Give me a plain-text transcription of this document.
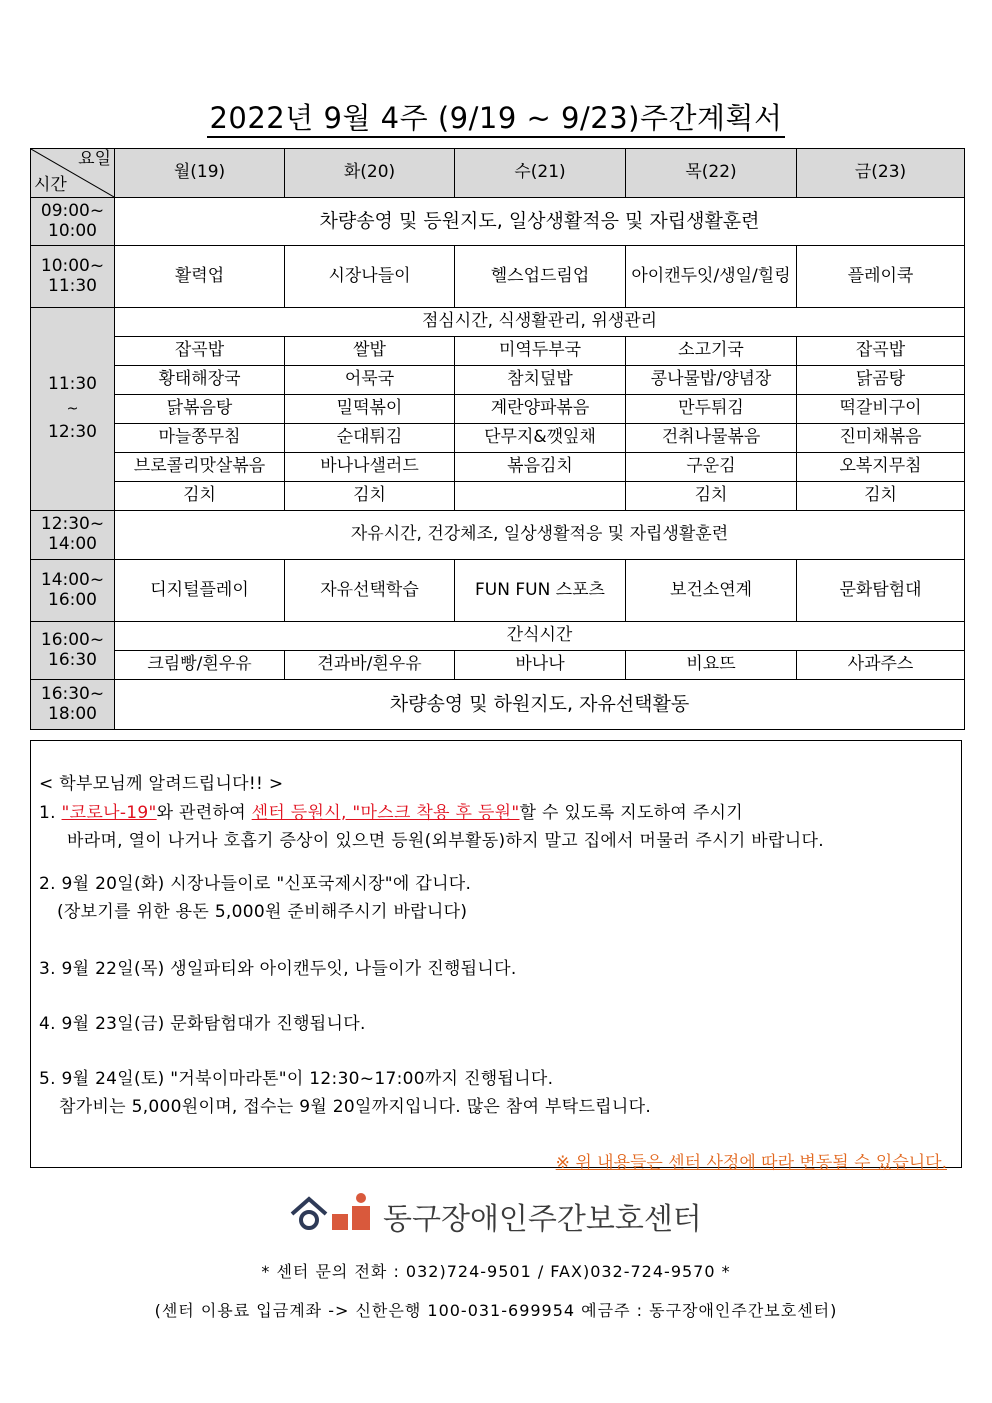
2022년 9월 4주 (9/19 ~ 9/23)주간계획서
요일
시간	월(19)	화(20)	수(21)	목(22)	금(23)

09:00~
10:00	차량송영 및 등원지도, 일상생활적응 및 자립생활훈련				

10:00~
11:30	활력업	시장나들이	헬스업드림업	아이캔두잇/생일/힐링	플레이쿡

11:30
~
12:30	점심시간, 식생활관리, 위생관리				
	잡곡밥	쌀밥	미역두부국	소고기국	잡곡밥
	황태해장국	어묵국	참치덮밥	콩나물밥/양념장	닭곰탕
	닭볶음탕	밀떡볶이	계란양파볶음	만두튀김	떡갈비구이
	마늘쫑무침	순대튀김	단무지&깻잎채	건취나물볶음	진미채볶음
	브로콜리맛살볶음	바나나샐러드	볶음김치	구운김	오복지무침
	김치	김치		김치	김치

12:30~
14:00	자유시간, 건강체조, 일상생활적응 및 자립생활훈련				

14:00~
16:00	디지털플레이	자유선택학습	FUN FUN 스포츠	보건소연계	문화탐험대

16:00~
16:30	간식시간				
	크림빵/흰우유	견과바/흰우유	바나나	비요뜨	사과주스

16:30~
18:00	차량송영 및 하원지도, 자유선택활동				
< 학부모님께 알려드립니다!! >
1. "코로나-19"와 관련하여 센터 등원시, "마스크 착용 후 등원"할 수 있도록 지도하여 주시기
바라며, 열이 나거나 호흡기 증상이 있으면 등원(외부활동)하지 말고 집에서 머물러 주시기 바랍니다.
2. 9월 20일(화) 시장나들이로 "신포국제시장"에 갑니다.
(장보기를 위한 용돈 5,000원 준비해주시기 바랍니다)
3. 9월 22일(목) 생일파티와 아이캔두잇, 나들이가 진행됩니다.
4. 9월 23일(금) 문화탐험대가 진행됩니다.
5. 9월 24일(토) "거북이마라톤"이 12:30~17:00까지 진행됩니다.
참가비는 5,000원이며, 접수는 9월 20일까지입니다. 많은 참여 부탁드립니다.
※ 위 내용들은 센터 사정에 따라 변동될 수 있습니다.
동구장애인주간보호센터
* 센터 문의 전화 : 032)724-9501 / FAX)032-724-9570 *
(센터 이용료 입금계좌 -> 신한은행 100-031-699954 예금주 : 동구장애인주간보호센터)
